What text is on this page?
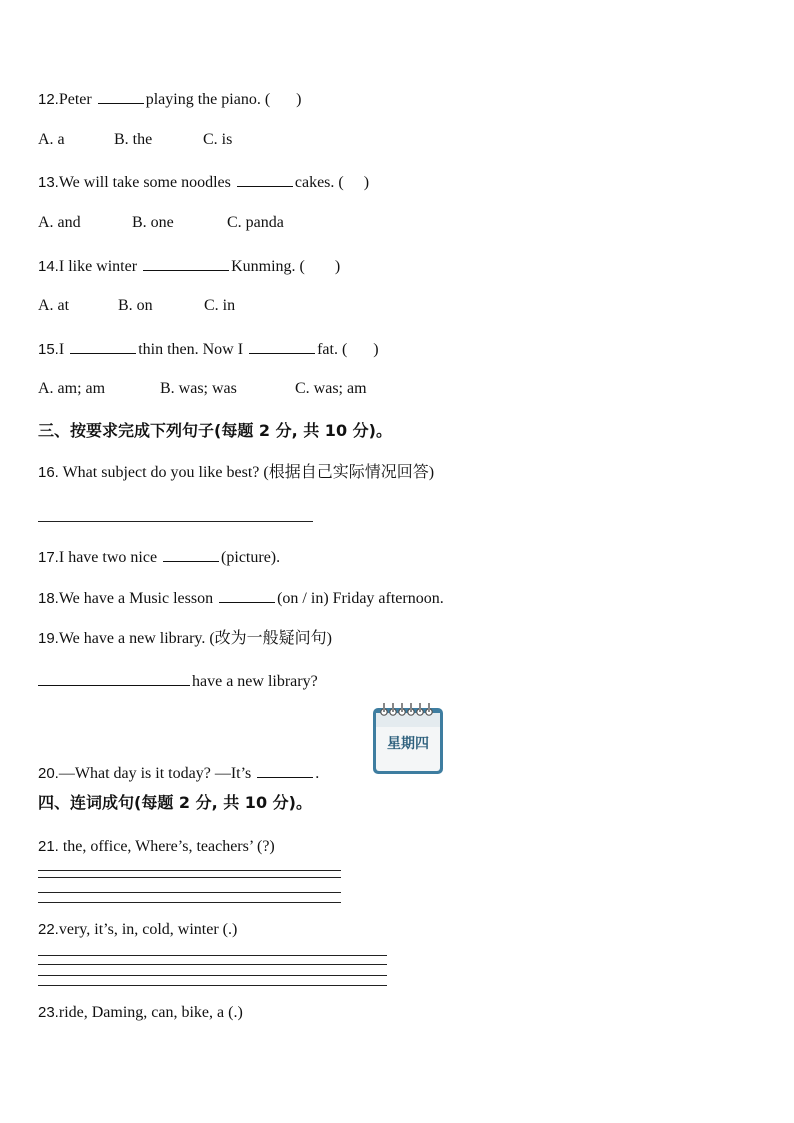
12.Peter	playing the piano. ( )
A. a	B. the	C. is
13.We will take some noodles	cakes. ( )
A. and	B. one	C. panda
14.I like winter	Kunming. ( )
A. at	B. on	C. in
15.I	thin then. Now I	fat. ( )
A. am; am	B. was; was	C. was; am
三、按要求完成下列句子(每题 2 分, 共 10 分)。
16. What subject do you like best? (根据自己实际情况回答)
17.I have two nice	(picture).
18.We have a Music lesson	(on / in) Friday afternoon.
19.We have a new library. (改为一般疑问句)
have a new library?
星期四
20.—What day is it today? —It’s	.
四、连词成句(每题 2 分, 共 10 分)。
21. the, office, Where’s, teachers’ (?)
22.very, it’s, in, cold, winter (.)
23.ride, Daming, can, bike, a (.)
